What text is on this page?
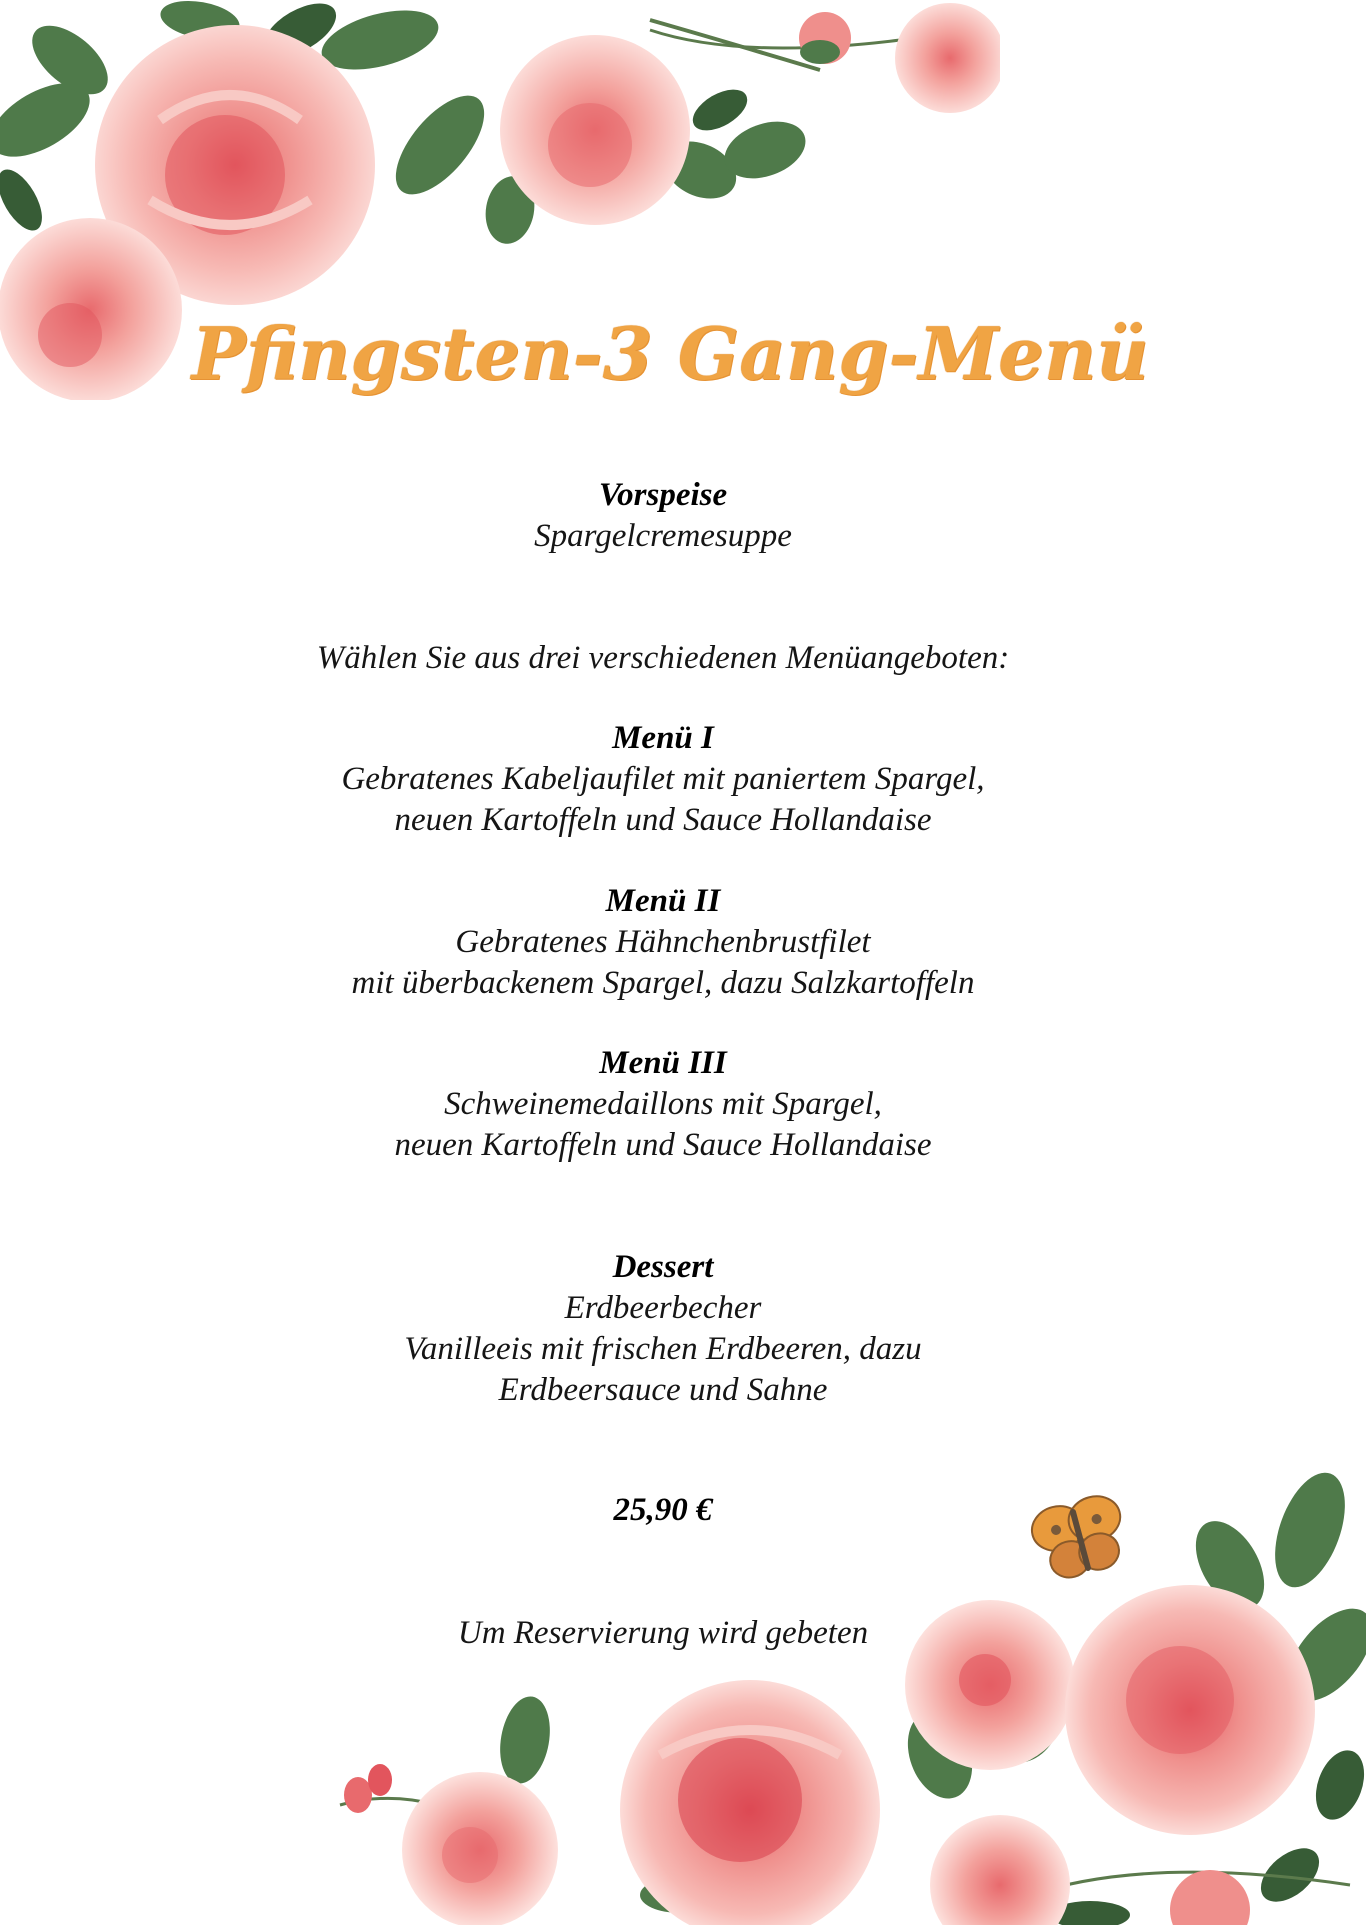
Pfingsten-3 Gang-Menü
Vorspeise
Spargelcremesuppe
Wählen Sie aus drei verschiedenen Menüangeboten:
Menü I
Gebratenes Kabeljaufilet mit paniertem Spargel,
neuen Kartoffeln und Sauce Hollandaise
Menü II
Gebratenes Hähnchenbrustfilet
mit überbackenem Spargel, dazu Salzkartoffeln
Menü III
Schweinemedaillons mit Spargel,
neuen Kartoffeln und Sauce Hollandaise
Dessert
Erdbeerbecher
Vanilleeis mit frischen Erdbeeren, dazu
Erdbeersauce und Sahne
25,90 €
Um Reservierung wird gebeten
